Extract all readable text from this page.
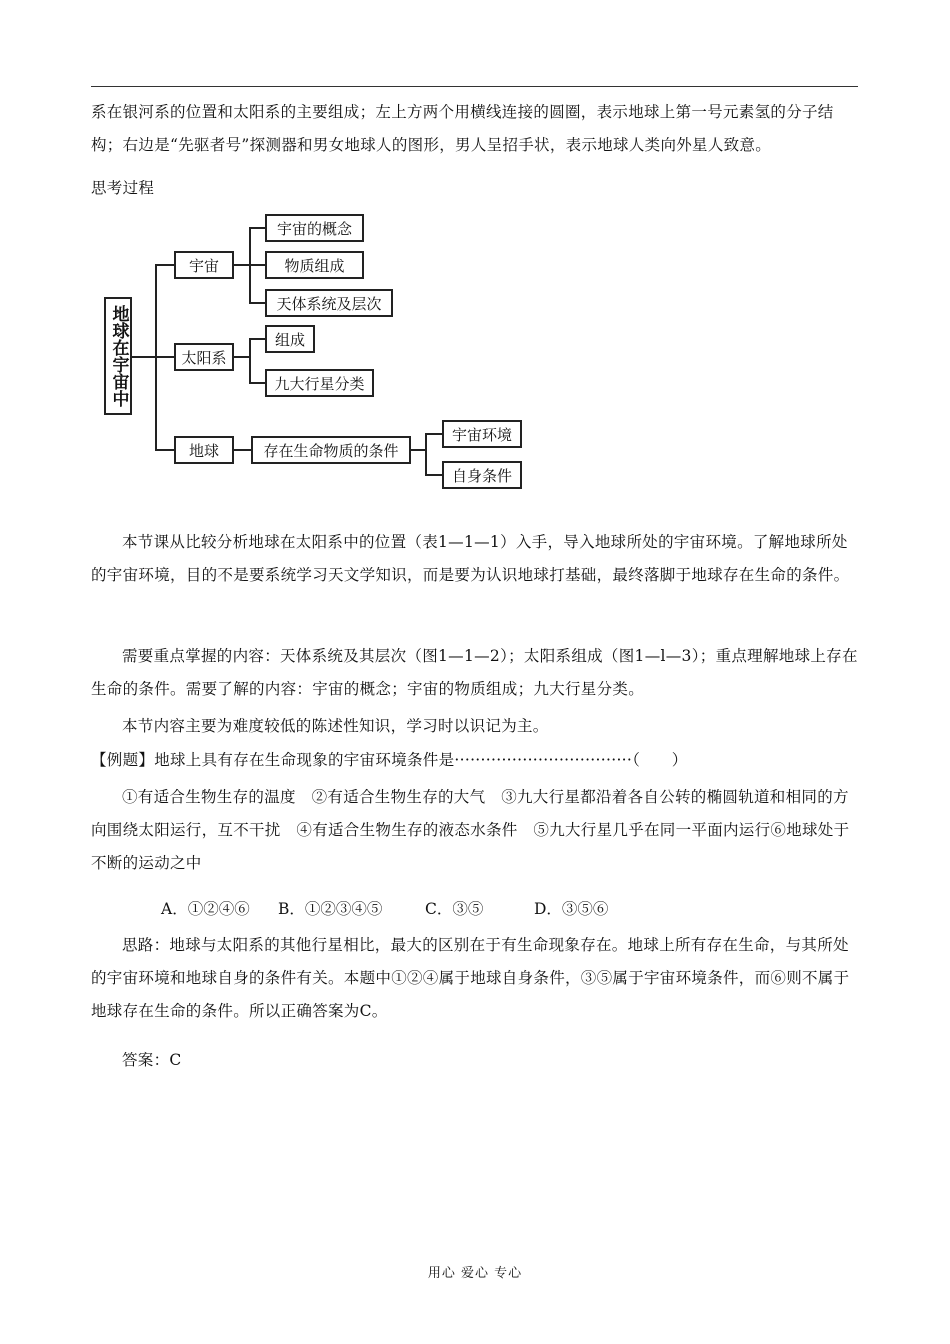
系在银河系的位置和太阳系的主要组成；左上方两个用横线连接的圆圈，表示地球上第一号元素氢的分子结构；右边是“先驱者号”探测器和男女地球人的图形，男人呈招手状，表示地球人类向外星人致意。

思考过程

地球在宇宙中
宇宙
太阳系
地球
宇宙的概念
物质组成
天体系统及层次
组成
九大行星分类
存在生命物质的条件
宇宙环境
自身条件

本节课从比较分析地球在太阳系中的位置（表1—1—1）入手，导入地球所处的宇宙环境。了解地球所处的宇宙环境，目的不是要系统学习天文学知识，而是要为认识地球打基础，最终落脚于地球存在生命的条件。

需要重点掌握的内容：天体系统及其层次（图1—1—2）；太阳系组成（图1—l—3）；重点理解地球上存在生命的条件。需要了解的内容：宇宙的概念；宇宙的物质组成；九大行星分类。

本节内容主要为难度较低的陈述性知识，学习时以识记为主。

【例题】地球上具有存在生命现象的宇宙环境条件是··································（　　）

①有适合生物生存的温度　②有适合生物生存的大气　③九大行星都沿着各自公转的椭圆轨道和相同的方向围绕太阳运行，互不干扰　④有适合生物生存的液态水条件　⑤九大行星几乎在同一平面内运行⑥地球处于不断的运动之中

A．①②④⑥ B．①②③④⑤	C．③⑤	D．③⑤⑥

思路：地球与太阳系的其他行星相比，最大的区别在于有生命现象存在。地球上所有存在生命，与其所处的宇宙环境和地球自身的条件有关。本题中①②④属于地球自身条件，③⑤属于宇宙环境条件，而⑥则不属于地球存在生命的条件。所以正确答案为C。

答案：C

用心 爱心 专心
